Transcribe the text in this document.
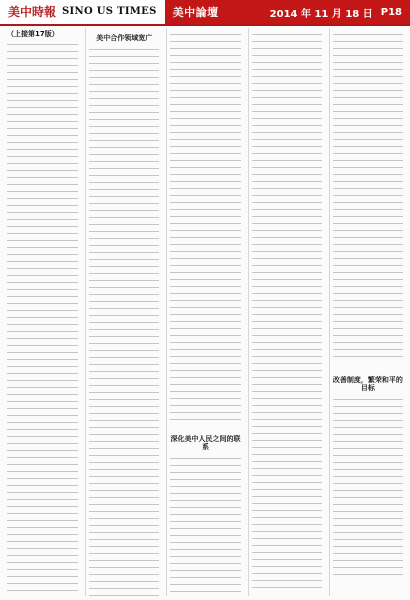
美中時報 SINO US TIMES 美中論壇	2014 年 11 月 18 日 P18
（上接第17版）	美中合作领域宽广
深化美中人民之间的联系
改善制度，繁荣和平的目标
